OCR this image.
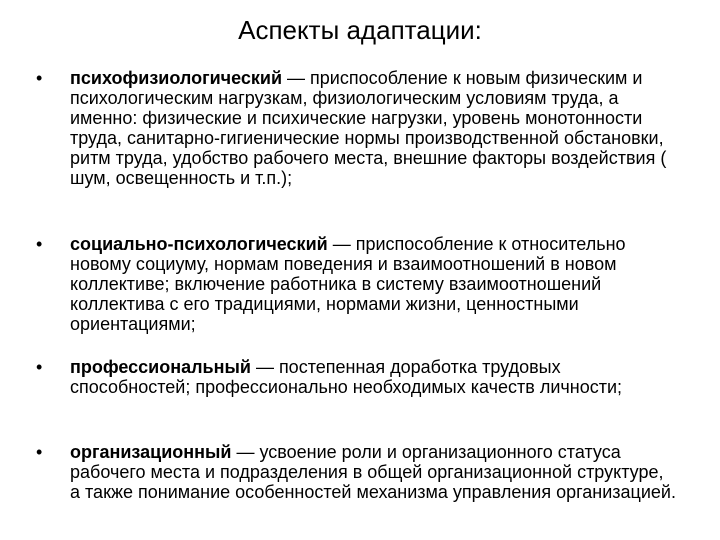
Аспекты адаптации:
•	психофизиологический — приспособление к новым физическим и психологическим нагрузкам, физиологическим условиям труда, а именно: физические и психические нагрузки, уровень монотонности труда, санитарно-гигиенические нормы производственной обстановки, ритм труда, удобство рабочего места, внешние факторы воздействия ( шум, освещенность и т.п.);
•	социально-психологический — приспособление к относительно новому социуму, нормам поведения и взаимоотношений в новом коллективе; включение работника в систему взаимоотношений коллектива с его традициями, нормами жизни, ценностными ориентациями;
•	профессиональный — постепенная доработка трудовых способностей; профессионально необходимых качеств личности;
•	организационный — усвоение роли и организационного статуса рабочего места и подразделения в общей организационной структуре, а также понимание особенностей механизма управления организацией.
